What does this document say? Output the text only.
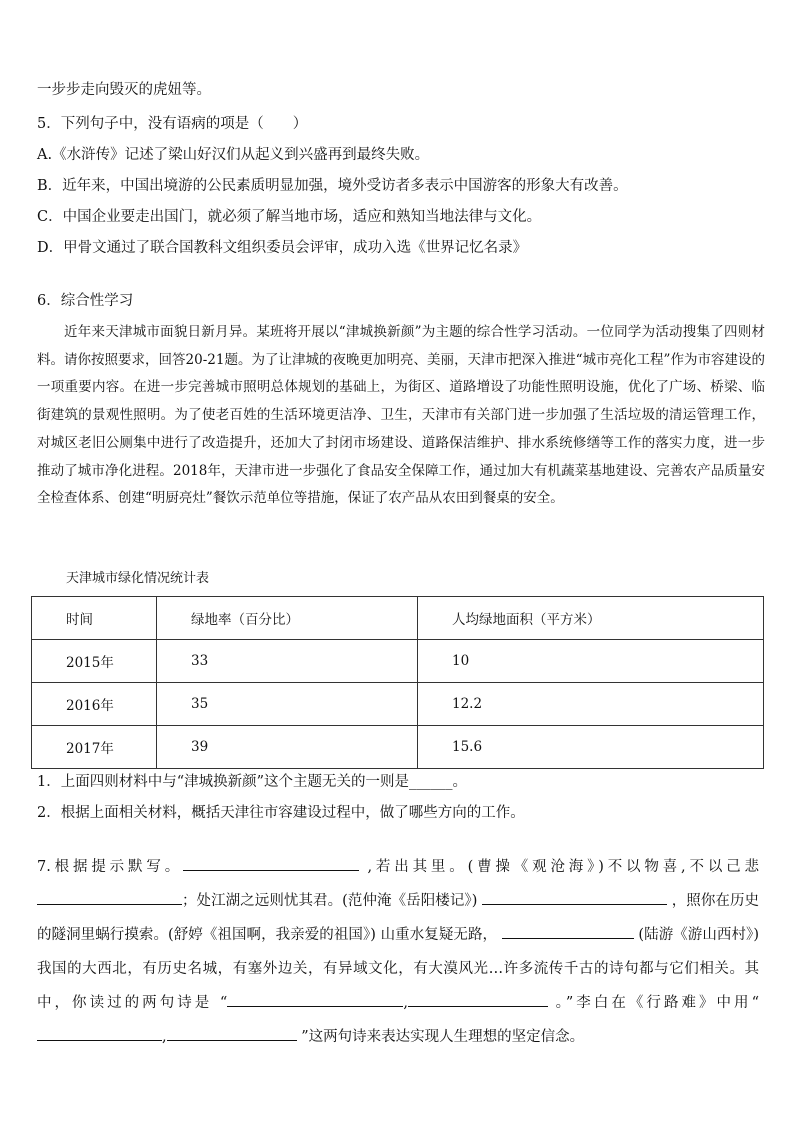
一步步走向毁灭的虎妞等。
5．下列句子中，没有语病的项是（　　）
A.《水浒传》记述了梁山好汉们从起义到兴盛再到最终失败。
B．近年来，中国出境游的公民素质明显加强，境外受访者多表示中国游客的形象大有改善。
C．中国企业要走出国门，就必须了解当地市场，适应和熟知当地法律与文化。
D．甲骨文通过了联合国教科文组织委员会评审，成功入选《世界记忆名录》
6．综合性学习
近年来天津城市面貌日新月异。某班将开展以“津城换新颜”为主题的综合性学习活动。一位同学为活动搜集了四则材料。请你按照要求，回答20-21题。为了让津城的夜晚更加明亮、美丽，天津市把深入推进“城市亮化工程”作为市容建设的一项重要内容。在进一步完善城市照明总体规划的基础上，为街区、道路增设了功能性照明设施，优化了广场、桥梁、临街建筑的景观性照明。为了使老百姓的生活环境更洁净、卫生，天津市有关部门进一步加强了生活垃圾的清运管理工作，对城区老旧公厕集中进行了改造提升，还加大了封闭市场建设、道路保洁维护、排水系统修缮等工作的落实力度，进一步推动了城市净化进程。2018年，天津市进一步强化了食品安全保障工作，通过加大有机蔬菜基地建设、完善农产品质量安全检查体系、创建“明厨亮灶”餐饮示范单位等措施，保证了农产品从农田到餐桌的安全。
天津城市绿化情况统计表
时间	绿地率（百分比）	人均绿地面积（平方米）
2015年	33	10
2016年	35	12.2
2017年	39	15.6
1．上面四则材料中与“津城换新颜”这个主题无关的一则是______。
2．根据上面相关材料，概括天津往市容建设过程中，做了哪些方向的工作。
7.根据提示默写。	,若出其里。(曹操《观沧海》)不以物喜,不以己悲 ；处江湖之远则忧其君。(范仲淹《岳阳楼记》)	，照你在历史的隧洞里蜗行摸索。(舒婷《祖国啊，我亲爱的祖国》) 山重水复疑无路，	(陆游《游山西村》) 我国的大西北，有历史名城，有塞外边关，有异域文化，有大漠风光…许多流传千古的诗句都与它们相关。其中，你读过的两句诗是 “	,	。”李白在《行路难》中用“ ,	”这两句诗来表达实现人生理想的坚定信念。
